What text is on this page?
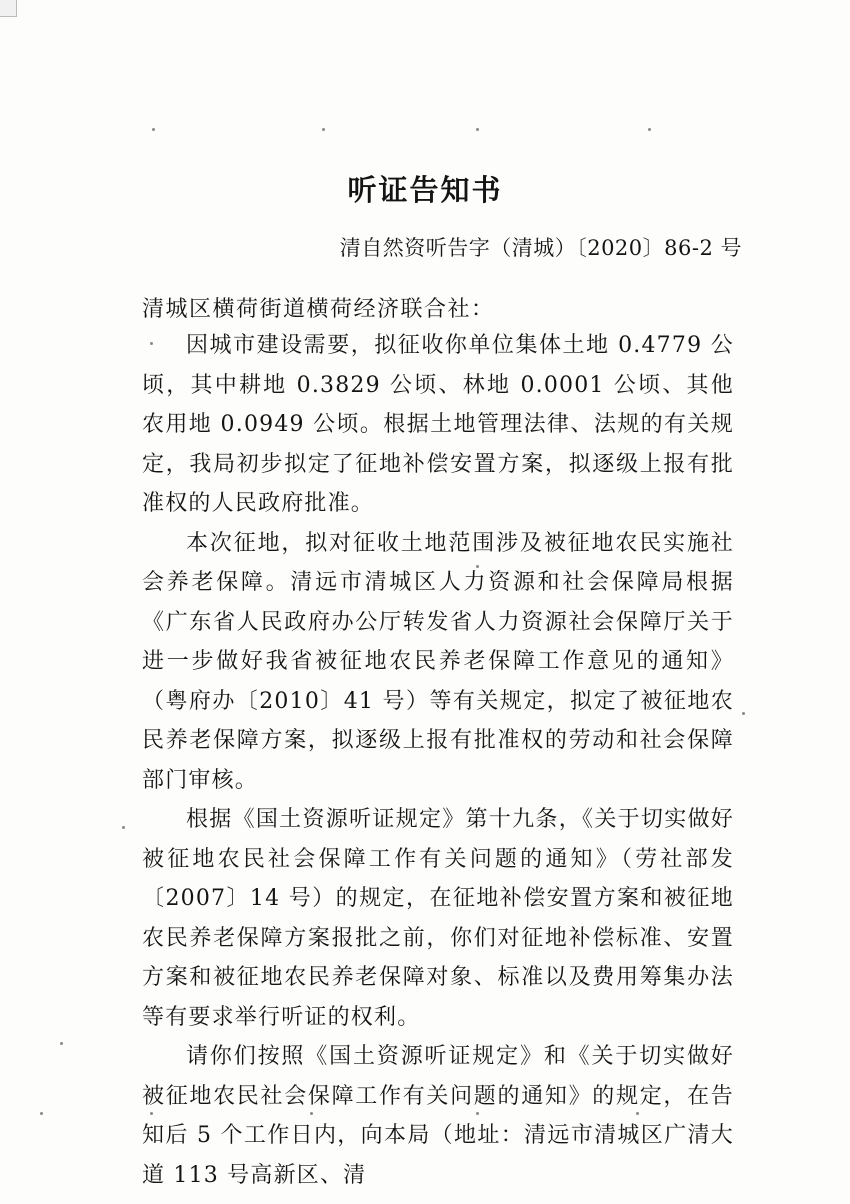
听证告知书

清自然资听告字（清城）〔2020〕86-2 号

清城区横荷街道横荷经济联合社：

因城市建设需要，拟征收你单位集体土地 0.4779 公顷，其中耕地 0.3829 公顷、林地 0.0001 公顷、其他农用地 0.0949 公顷。根据土地管理法律、法规的有关规定，我局初步拟定了征地补偿安置方案，拟逐级上报有批准权的人民政府批准。

本次征地，拟对征收土地范围涉及被征地农民实施社会养老保障。清远市清城区人力资源和社会保障局根据《广东省人民政府办公厅转发省人力资源社会保障厅关于进一步做好我省被征地农民养老保障工作意见的通知》（粤府办〔2010〕41 号）等有关规定，拟定了被征地农民养老保障方案，拟逐级上报有批准权的劳动和社会保障部门审核。

根据《国土资源听证规定》第十九条，《关于切实做好被征地农民社会保障工作有关问题的通知》（劳社部发〔2007〕14 号）的规定，在征地补偿安置方案和被征地农民养老保障方案报批之前，你们对征地补偿标准、安置方案和被征地农民养老保障对象、标准以及费用筹集办法等有要求举行听证的权利。

请你们按照《国土资源听证规定》和《关于切实做好被征地农民社会保障工作有关问题的通知》的规定，在告知后 5 个工作日内，向本局（地址：清远市清城区广清大道 113 号高新区、清
